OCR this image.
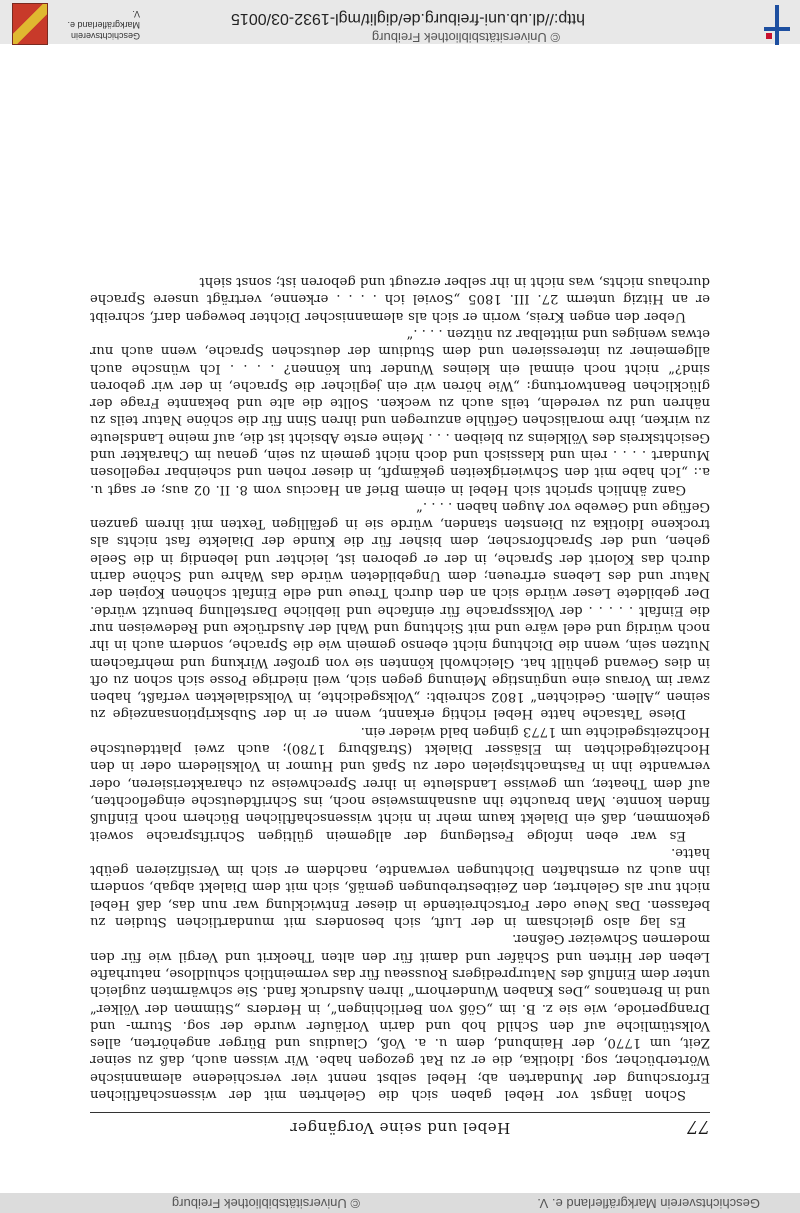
Geschichtsverein Markgräflerland e. V.
© Universitätsbibliothek Freiburg
77
Hebel und seine Vorgänger

Schon längst vor Hebel gaben sich die Gelehrten mit der wissenschaftlichen Erforschung der Mundarten ab; Hebel selbst nennt vier verschiedene alemannische Wörterbücher, sog. Idiotika, die er zu Rat gezogen habe. Wir wissen auch, daß zu seiner Zeit, um 1770, der Hainbund, dem u. a. Voß, Claudius und Bürger angehörten, alles Volkstümliche auf den Schild hob und darin Vorläufer wurde der sog. Sturm- und Drangperiode, wie sie z. B. im „Göß von Berlichingen“, in Herders „Stimmen der Völker“ und in Brentanos „Des Knaben Wunderhorn“ ihren Ausdruck fand. Sie schwärmten zugleich unter dem Einfluß des Naturpredigers Rousseau für das vermeintlich schuldlose, naturhafte Leben der Hirten und Schäfer und damit für den alten Theokrit und Vergil wie für den modernen Schweizer Geßner.

Es lag also gleichsam in der Luft, sich besonders mit mundartlichen Studien zu befassen. Das Neue oder Fortschreitende in dieser Entwicklung war nun das, daß Hebel nicht nur als Gelehrter, den Zeitbestrebungen gemäß, sich mit dem Dialekt abgab, sondern ihn auch zu ernsthaften Dichtungen verwandte, nachdem er sich im Versifizieren geübt hatte.

Es war eben infolge Festlegung der allgemein gültigen Schriftsprache soweit gekommen, daß ein Dialekt kaum mehr in nicht wissenschaftlichen Büchern noch Einfluß finden konnte. Man brauchte ihn ausnahmsweise noch, ins Schriftdeutsche eingeflochten, auf dem Theater, um gewisse Landsleute in ihrer Sprechweise zu charakterisieren, oder verwandte ihn in Fastnachtspielen oder zu Spaß und Humor in Volksliedern oder in den Hochzeitgedichten im Elsässer Dialekt (Straßburg 1780); auch zwei plattdeutsche Hochzeitsgedichte um 1773 gingen bald wieder ein.

Diese Tatsache hatte Hebel richtig erkannt, wenn er in der Subskriptionsanzeige zu seinen „Allem. Gedichten“ 1802 schreibt: „Volksgedichte, in Volksdialekten verfaßt, haben zwar im Voraus eine ungünstige Meinung gegen sich, weil niedrige Posse sich schon zu oft in dies Gewand gehüllt hat. Gleichwohl könnten sie von großer Wirkung und mehrfachem Nutzen sein, wenn die Dichtung nicht ebenso gemein wie die Sprache, sondern auch in ihr noch würdig und edel wäre und mit Sichtung und Wahl der Ausdrücke und Redeweisen nur die Einfalt . . . . . der Volkssprache für einfache und liebliche Darstellung benutzt würde. Der gebildete Leser würde sich an den durch Treue und edle Einfalt schönen Kopien der Natur und des Lebens erfreuen; dem Ungebildeten würde das Wahre und Schöne darin durch das Kolorit der Sprache, in der er geboren ist, leichter und lebendig in die Seele gehen, und der Sprachforscher, dem bisher für die Kunde der Dialekte fast nichts als trockene Idiotika zu Diensten standen, würde sie in gefälligen Texten mit ihrem ganzen Gefüge und Gewebe vor Augen haben . . . .“

Ganz ähnlich spricht sich Hebel in einem Brief an Haccius vom 8. II. 02 aus; er sagt u. a.: „Ich habe mit den Schwierigkeiten gekämpft, in dieser rohen und scheinbar regellosen Mundart . . . . rein und klassisch und doch nicht gemein zu sein, genau im Charakter und Gesichtskreis des Völkleins zu bleiben . . . Meine erste Absicht ist die, auf meine Landsleute zu wirken, ihre moralischen Gefühle anzuregen und ihren Sinn für die schöne Natur teils zu nähren und zu veredeln, teils auch zu wecken. Sollte die alte und bekannte Frage der glücklichen Beantwortung: „Wie hören wir ein jeglicher die Sprache, in der wir geboren sind?“ nicht noch einmal ein kleines Wunder tun können? . . . . Ich wünsche auch allgemeiner zu interessieren und dem Studium der deutschen Sprache, wenn auch nur etwas weniges und mittelbar zu nützen . . . .“

Ueber den engen Kreis, worin er sich als alemannischer Dichter bewegen darf, schreibt er an Hitzig unterm 27. III. 1805 „Soviel ich . . . . erkenne, verträgt unsere Sprache durchaus nichts, was nicht in ihr selber erzeugt und geboren ist; sonst sieht

© Universitätsbibliothek Freiburg
http://dl.ub.uni-freiburg.de/diglit/mgl-1932-03/0015
Geschichtsverein Markgräflerland e. V.
